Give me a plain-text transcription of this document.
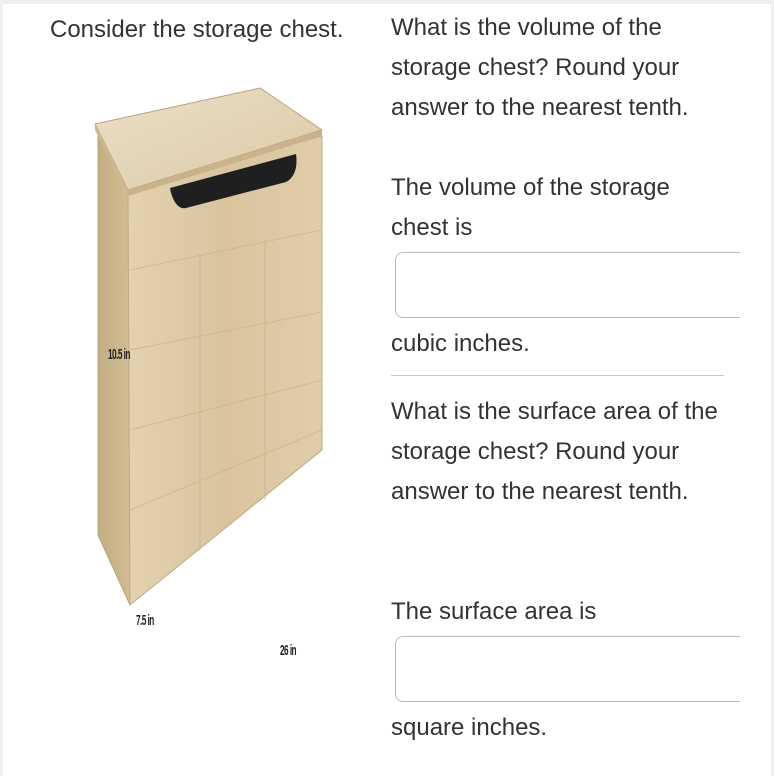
Consider the storage chest.
10.5 in
7.5 in
26 in
What is the volume of the storage chest? Round your answer to the nearest tenth.
The volume of the storage chest is
cubic inches.
What is the surface area of the storage chest? Round your answer to the nearest tenth.
The surface area is
square inches.
